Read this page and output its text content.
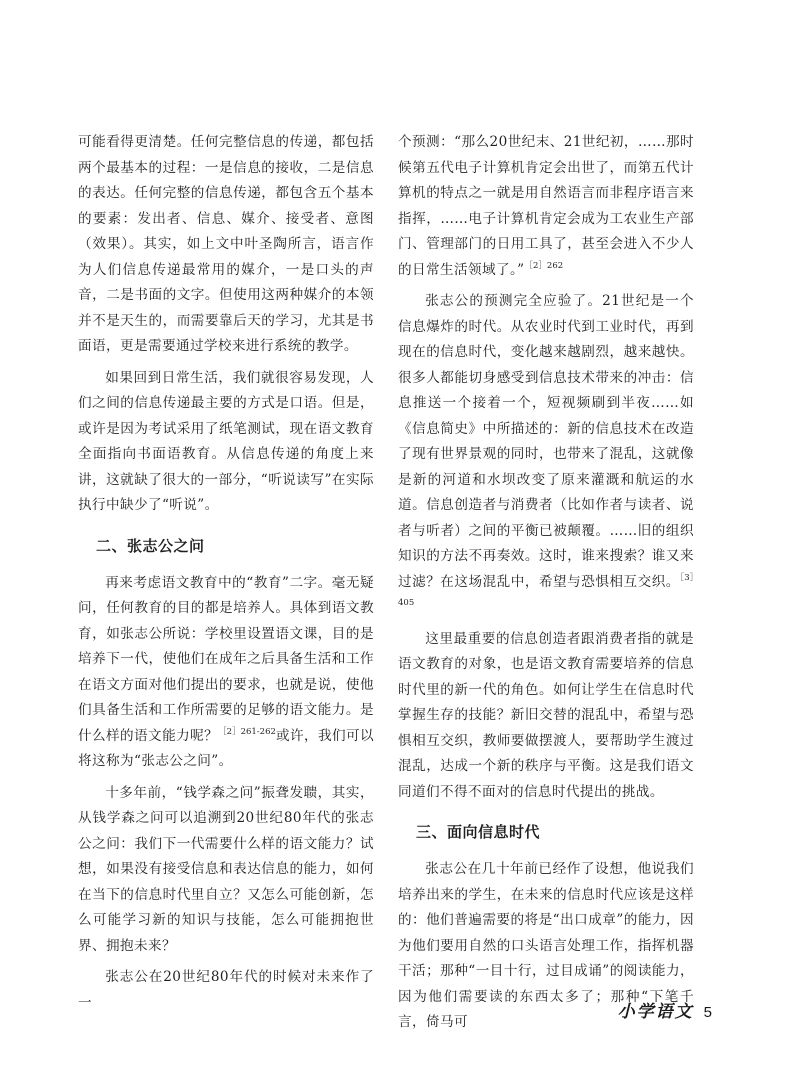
可能看得更清楚。任何完整信息的传递，都包括两个最基本的过程：一是信息的接收，二是信息的表达。任何完整的信息传递，都包含五个基本的要素：发出者、信息、媒介、接受者、意图（效果）。其实，如上文中叶圣陶所言，语言作为人们信息传递最常用的媒介，一是口头的声音，二是书面的文字。但使用这两种媒介的本领并不是天生的，而需要靠后天的学习，尤其是书面语，更是需要通过学校来进行系统的教学。

如果回到日常生活，我们就很容易发现，人们之间的信息传递最主要的方式是口语。但是，或许是因为考试采用了纸笔测试，现在语文教育全面指向书面语教育。从信息传递的角度上来讲，这就缺了很大的一部分，“听说读写”在实际执行中缺少了“听说”。

二、张志公之问

再来考虑语文教育中的“教育”二字。毫无疑问，任何教育的目的都是培养人。具体到语文教育，如张志公所说：学校里设置语文课，目的是培养下一代，使他们在成年之后具备生活和工作在语文方面对他们提出的要求，也就是说，使他们具备生活和工作所需要的足够的语文能力。是什么样的语文能力呢？$^{[2]261-262}$或许，我们可以将这称为“张志公之问”。

十多年前，“钱学森之问”振聋发聩，其实，从钱学森之问可以追溯到20世纪80年代的张志公之问：我们下一代需要什么样的语文能力？试想，如果没有接受信息和表达信息的能力，如何在当下的信息时代里自立？又怎么可能创新，怎么可能学习新的知识与技能，怎么可能拥抱世界、拥抱未来？

张志公在20世纪80年代的时候对未来作了一

个预测：“那么20世纪末、21世纪初，……那时候第五代电子计算机肯定会出世了，而第五代计算机的特点之一就是用自然语言而非程序语言来指挥，……电子计算机肯定会成为工农业生产部门、管理部门的日用工具了，甚至会进入不少人的日常生活领域了。”$^{[2]262}$

张志公的预测完全应验了。21世纪是一个信息爆炸的时代。从农业时代到工业时代，再到现在的信息时代，变化越来越剧烈，越来越快。很多人都能切身感受到信息技术带来的冲击：信息推送一个接着一个，短视频刷到半夜……如《信息简史》中所描述的：新的信息技术在改造了现有世界景观的同时，也带来了混乱，这就像是新的河道和水坝改变了原来灌溉和航运的水道。信息创造者与消费者（比如作者与读者、说者与听者）之间的平衡已被颠覆。……旧的组织知识的方法不再奏效。这时，谁来搜索？谁又来过滤？在这场混乱中，希望与恐惧相互交织。$^{[3]405}$

这里最重要的信息创造者跟消费者指的就是语文教育的对象，也是语文教育需要培养的信息时代里的新一代的角色。如何让学生在信息时代掌握生存的技能？新旧交替的混乱中，希望与恐惧相互交织，教师要做摆渡人，要帮助学生渡过混乱，达成一个新的秩序与平衡。这是我们语文同道们不得不面对的信息时代提出的挑战。

三、面向信息时代

张志公在几十年前已经作了设想，他说我们培养出来的学生，在未来的信息时代应该是这样的：他们普遍需要的将是“出口成章”的能力，因为他们要用自然的口头语言处理工作，指挥机器干活；那种“一目十行，过目成诵”的阅读能力，因为他们需要读的东西太多了；那种“下笔千言，倚马可	小学语文 5
